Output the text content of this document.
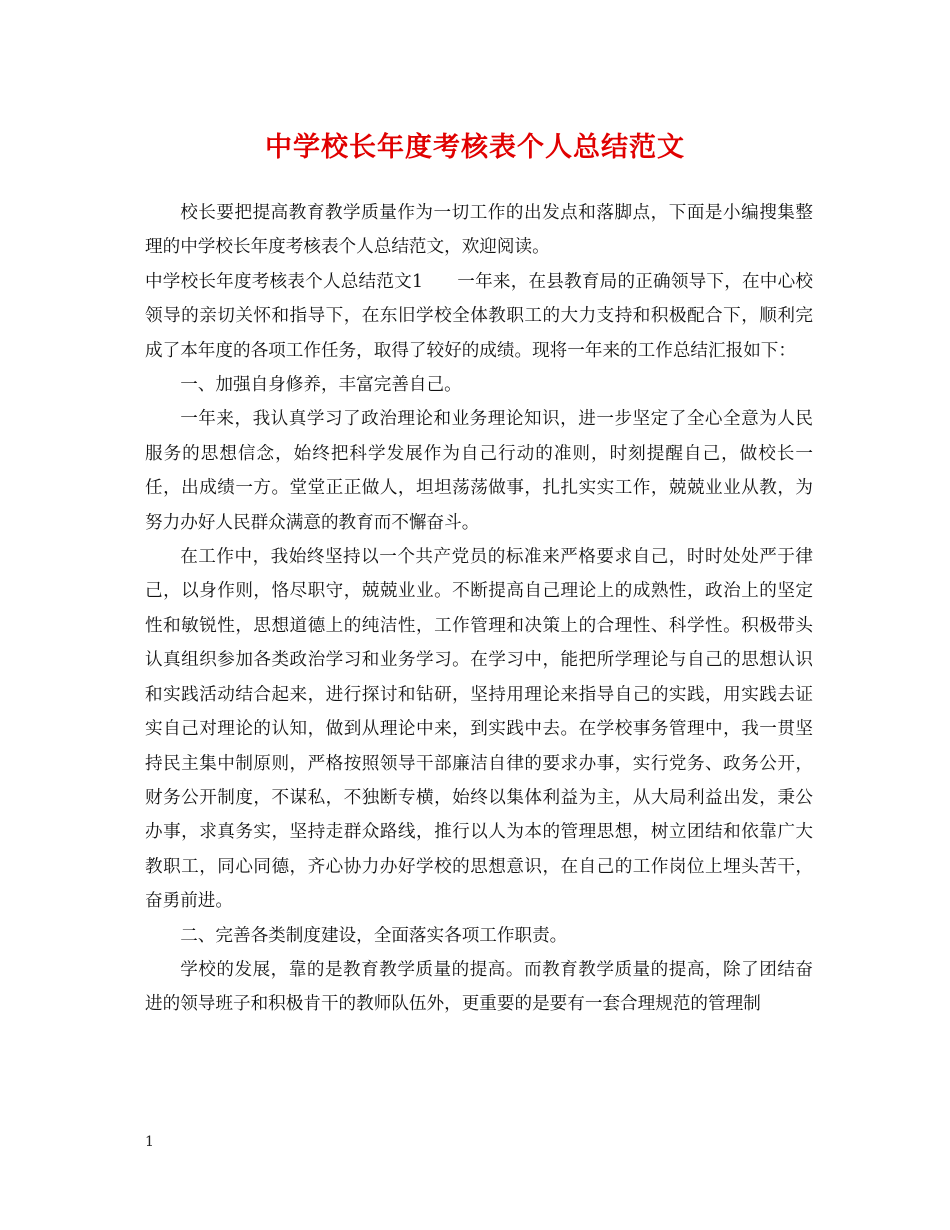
中学校长年度考核表个人总结范文

校长要把提高教育教学质量作为一切工作的出发点和落脚点，下面是小编搜集整理的中学校长年度考核表个人总结范文，欢迎阅读。

中学校长年度考核表个人总结范文1 一年来，在县教育局的正确领导下，在中心校领导的亲切关怀和指导下，在东旧学校全体教职工的大力支持和积极配合下，顺利完成了本年度的各项工作任务，取得了较好的成绩。现将一年来的工作总结汇报如下：

一、加强自身修养，丰富完善自己。

一年来，我认真学习了政治理论和业务理论知识，进一步坚定了全心全意为人民服务的思想信念，始终把科学发展作为自己行动的准则，时刻提醒自己，做校长一任，出成绩一方。堂堂正正做人，坦坦荡荡做事，扎扎实实工作，兢兢业业从教，为努力办好人民群众满意的教育而不懈奋斗。

在工作中，我始终坚持以一个共产党员的标准来严格要求自己，时时处处严于律己，以身作则，恪尽职守，兢兢业业。不断提高自己理论上的成熟性，政治上的坚定性和敏锐性，思想道德上的纯洁性，工作管理和决策上的合理性、科学性。积极带头认真组织参加各类政治学习和业务学习。在学习中，能把所学理论与自己的思想认识和实践活动结合起来，进行探讨和钻研，坚持用理论来指导自己的实践，用实践去证实自己对理论的认知，做到从理论中来，到实践中去。在学校事务管理中，我一贯坚持民主集中制原则，严格按照领导干部廉洁自律的要求办事，实行党务、政务公开，财务公开制度，不谋私，不独断专横，始终以集体利益为主，从大局利益出发，秉公办事，求真务实，坚持走群众路线，推行以人为本的管理思想，树立团结和依靠广大教职工，同心同德，齐心协力办好学校的思想意识，在自己的工作岗位上埋头苦干，奋勇前进。

二、完善各类制度建设，全面落实各项工作职责。

学校的发展，靠的是教育教学质量的提高。而教育教学质量的提高，除了团结奋进的领导班子和积极肯干的教师队伍外，更重要的是要有一套合理规范的管理制

1
